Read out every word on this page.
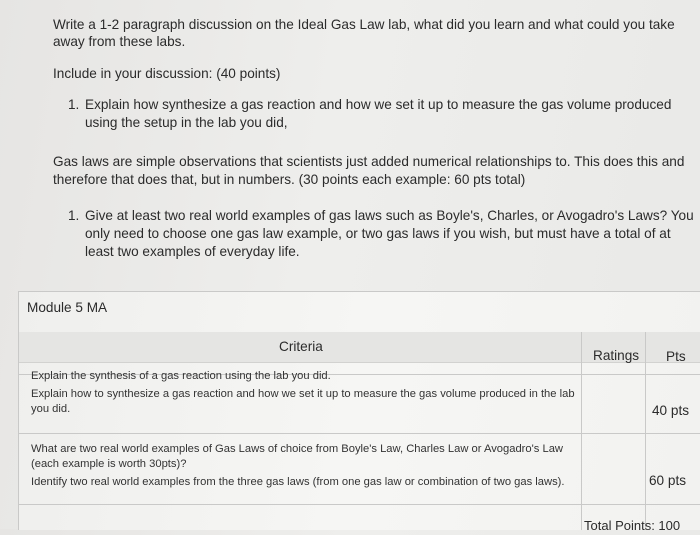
Write a 1-2 paragraph discussion on the Ideal Gas Law lab, what did you learn and what could you take
away from these labs.
Include in your discussion: (40 points)
1. Explain how synthesize a gas reaction and how we set it up to measure the gas volume produced
using the setup in the lab you did,
Gas laws are simple observations that scientists just added numerical relationships to. This does this and
therefore that does that, but in numbers. (30 points each example: 60 pts total)
1. Give at least two real world examples of gas laws such as Boyle's, Charles, or Avogadro's Laws? You
only need to choose one gas law example, or two gas laws if you wish, but must have a total of at
least two examples of everyday life.
Module 5 MA
Criteria
Ratings Pts
Explain the synthesis of a gas reaction using the lab you did.
Explain how to synthesize a gas reaction and how we set it up to measure the gas volume produced in the lab
you did.	40 pts
What are two real world examples of Gas Laws of choice from Boyle's Law, Charles Law or Avogadro's Law
(each example is worth 30pts)?
Identify two real world examples from the three gas laws (from one gas law or combination of two gas laws).	60 pts
Total Points: 100
